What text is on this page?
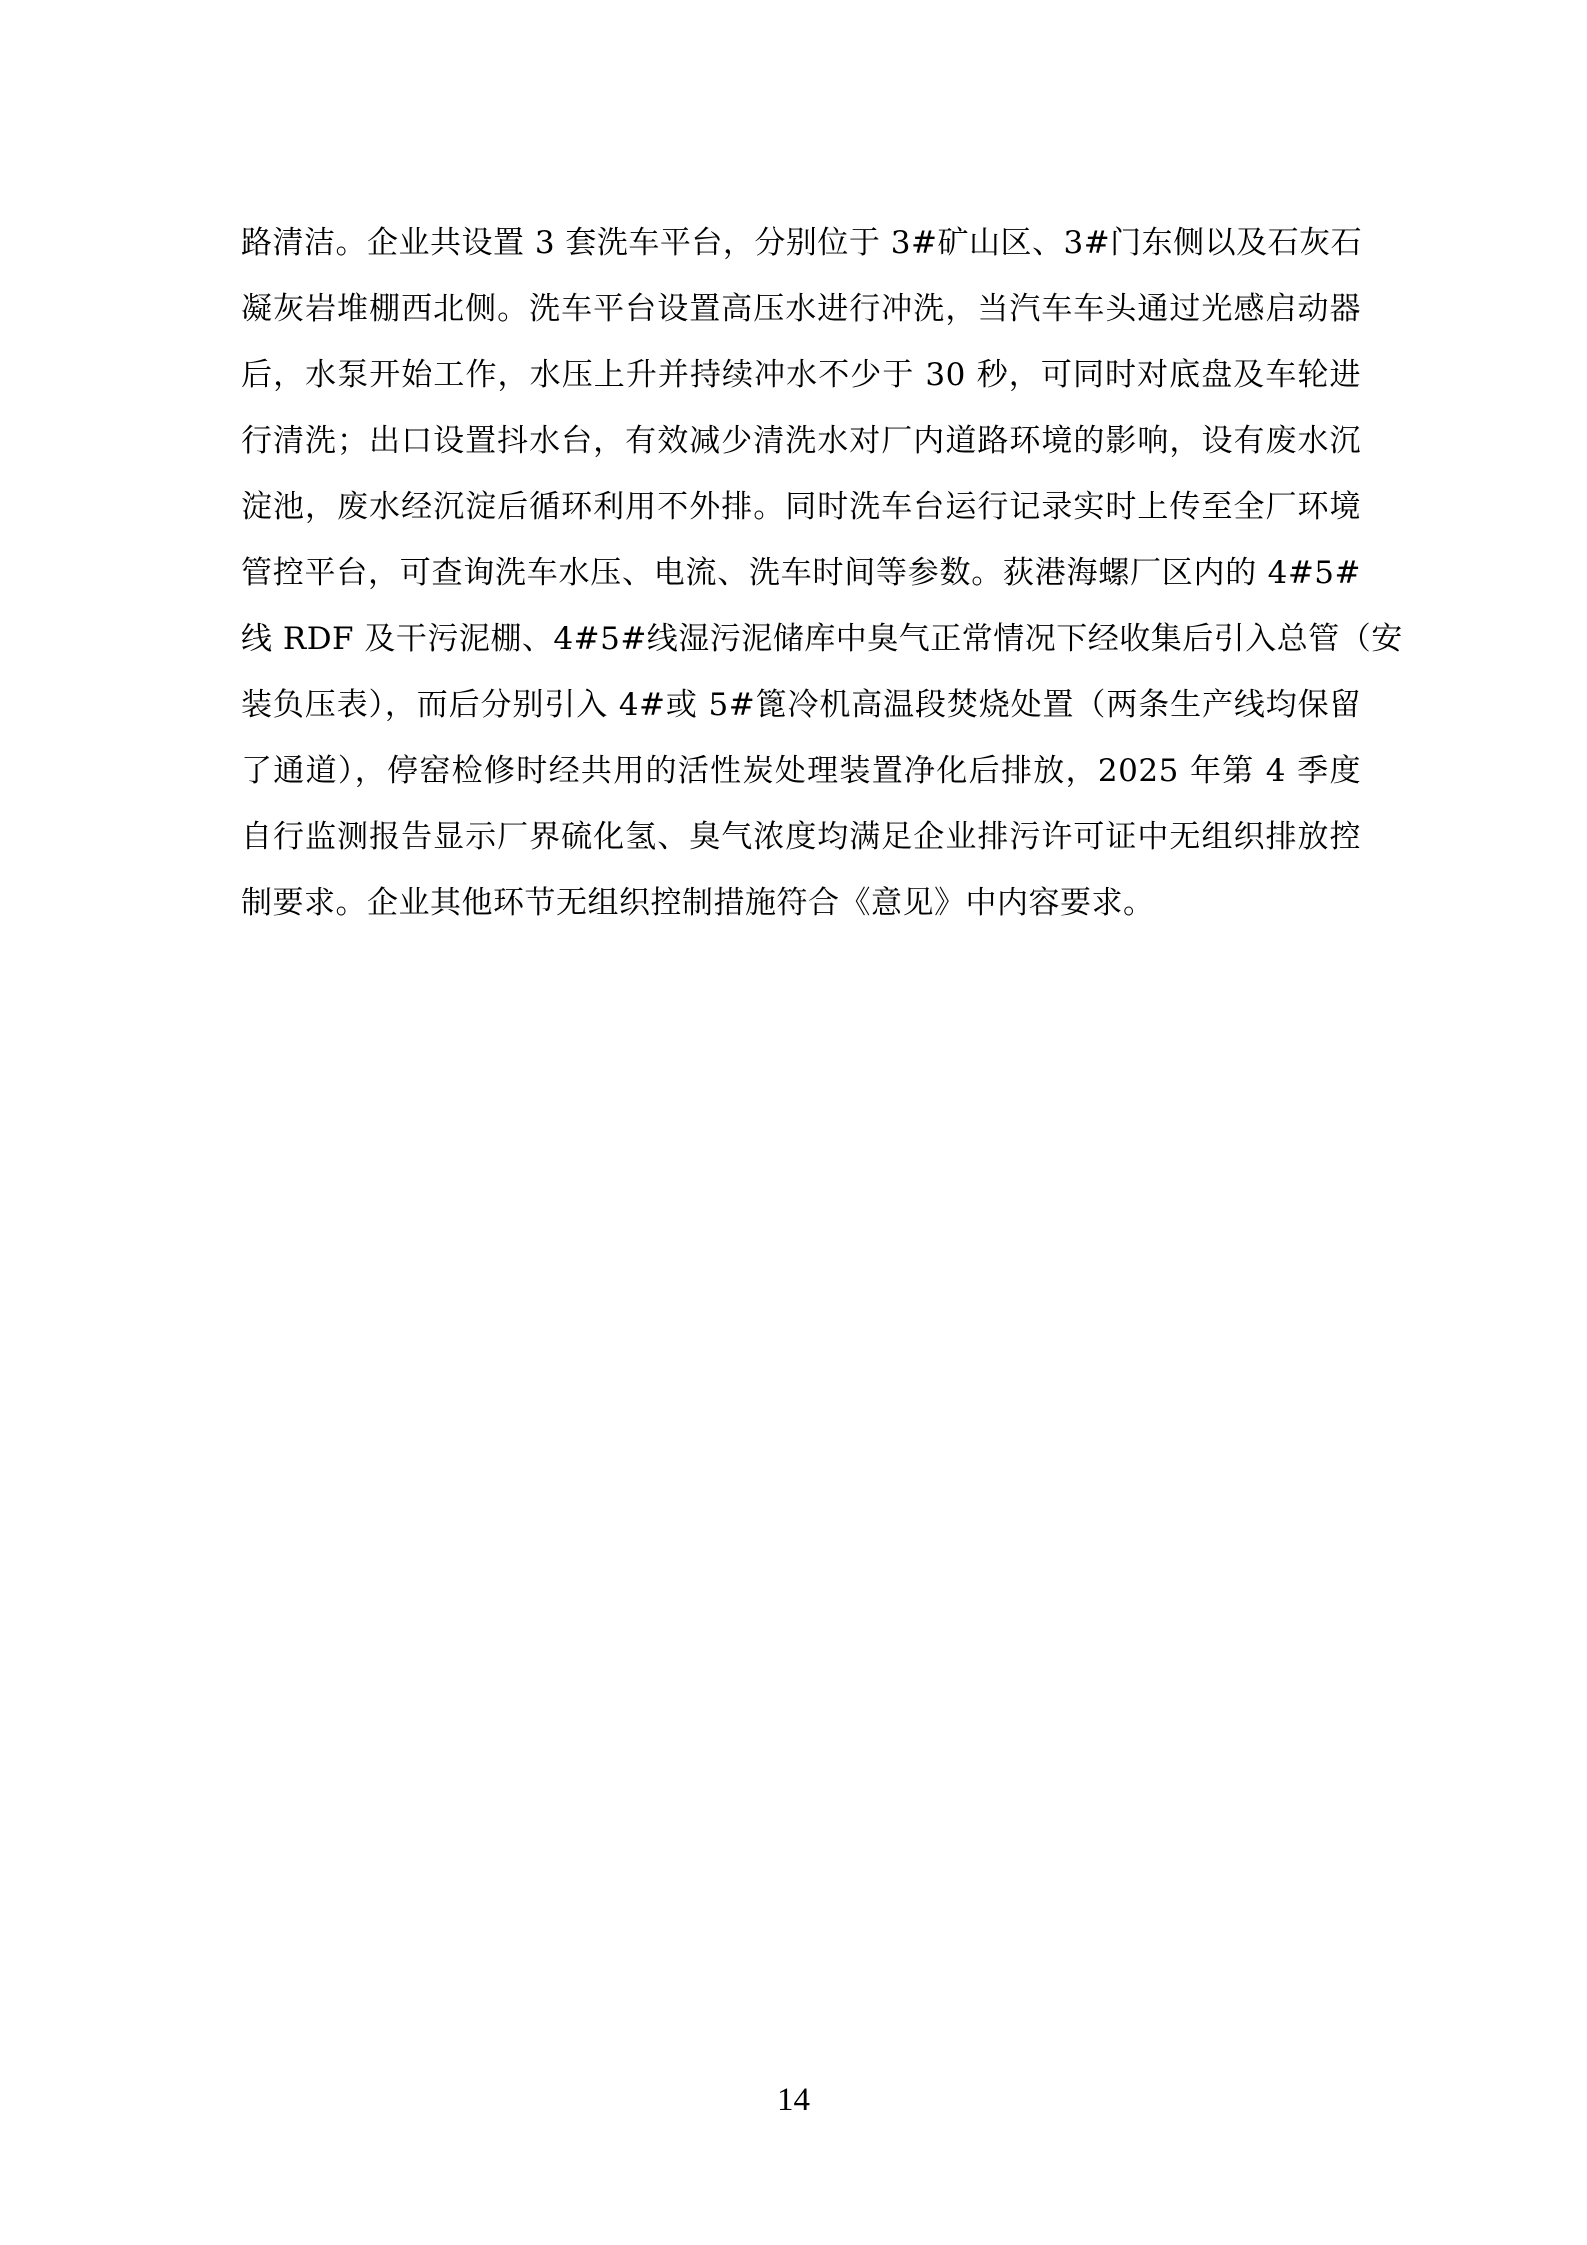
路清洁。企业共设置 3 套洗车平台，分别位于 3#矿山区、3#门东侧以及石灰石
凝灰岩堆棚西北侧。洗车平台设置高压水进行冲洗，当汽车车头通过光感启动器
后，水泵开始工作，水压上升并持续冲水不少于 30 秒，可同时对底盘及车轮进
行清洗；出口设置抖水台，有效减少清洗水对厂内道路环境的影响，设有废水沉
淀池，废水经沉淀后循环利用不外排。同时洗车台运行记录实时上传至全厂环境
管控平台，可查询洗车水压、电流、洗车时间等参数。荻港海螺厂区内的 4#5#
线 RDF 及干污泥棚、4#5#线湿污泥储库中臭气正常情况下经收集后引入总管（安
装负压表），而后分别引入 4#或 5#篦冷机高温段焚烧处置（两条生产线均保留
了通道），停窑检修时经共用的活性炭处理装置净化后排放，2025 年第 4 季度
自行监测报告显示厂界硫化氢、臭气浓度均满足企业排污许可证中无组织排放控
制要求。企业其他环节无组织控制措施符合《意见》中内容要求。
14
